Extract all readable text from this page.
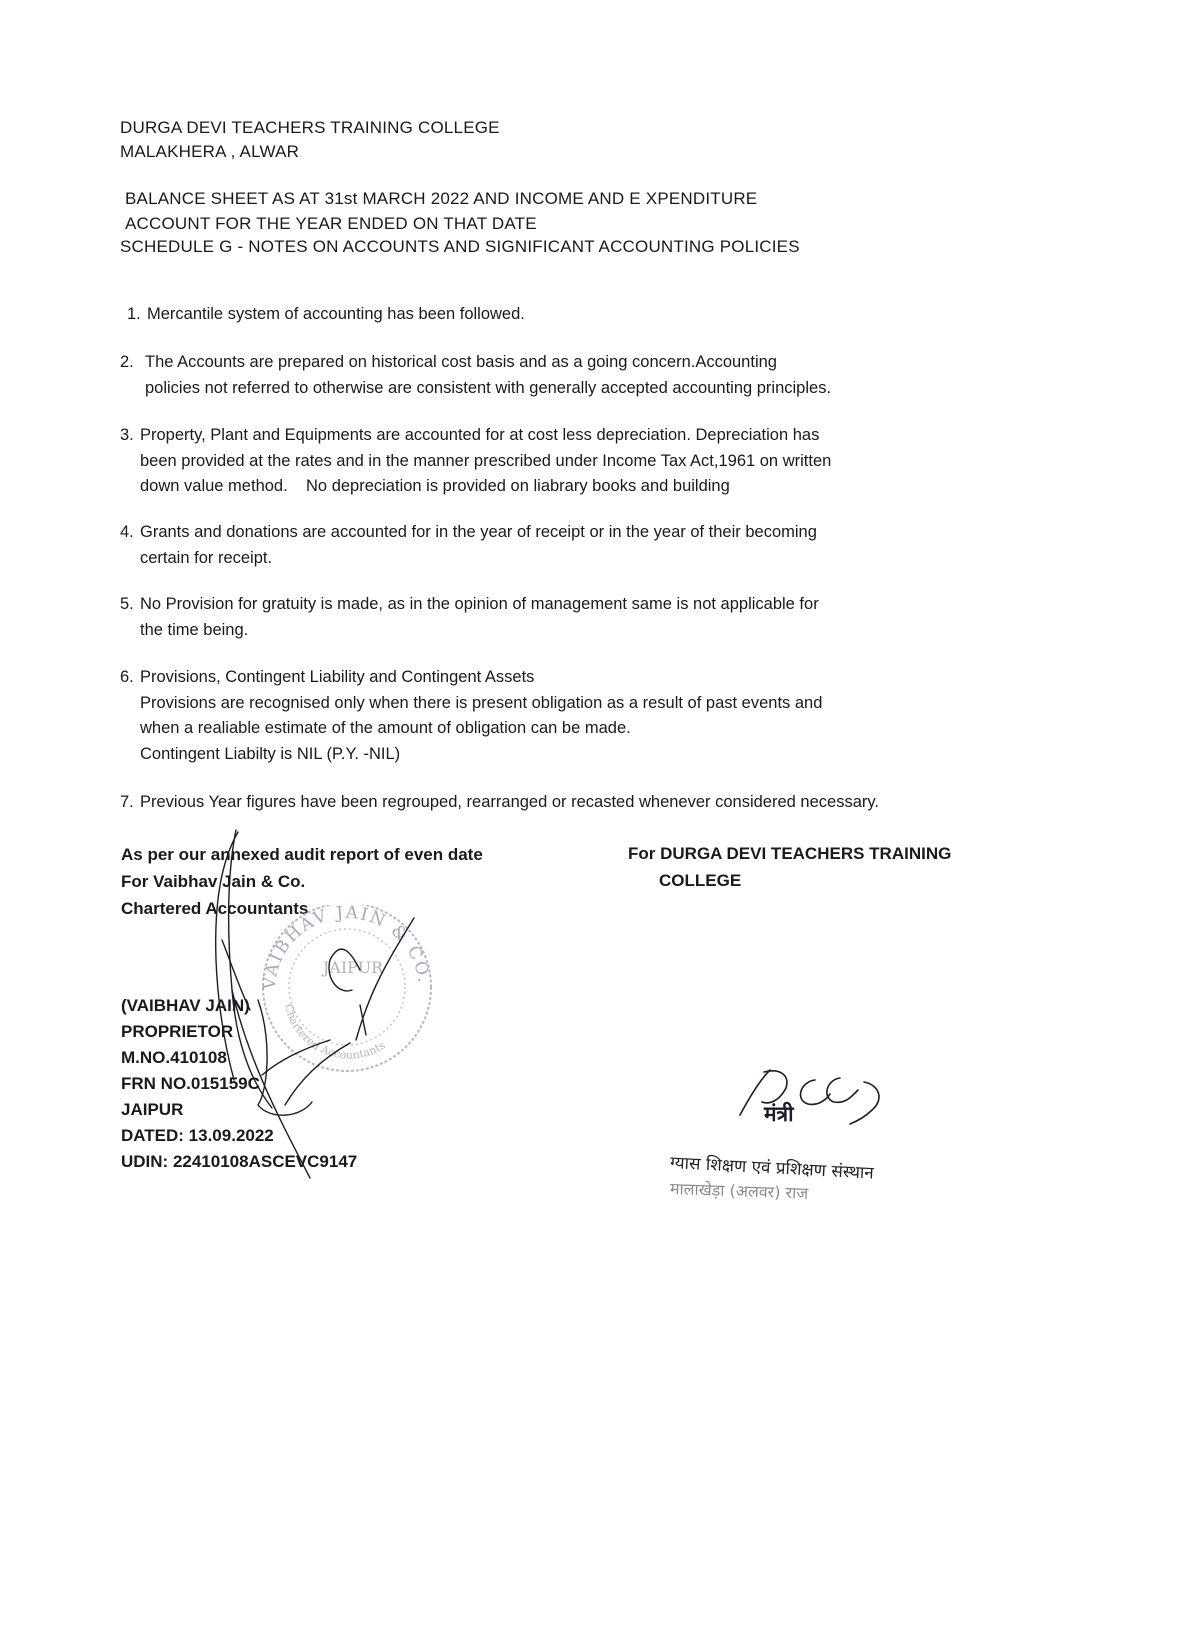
DURGA DEVI TEACHERS TRAINING COLLEGE
MALAKHERA , ALWAR
BALANCE SHEET AS AT 31st MARCH 2022 AND INCOME AND E XPENDITURE
ACCOUNT FOR THE YEAR ENDED ON THAT DATE
SCHEDULE G - NOTES ON ACCOUNTS AND SIGNIFICANT ACCOUNTING POLICIES
1. Mercantile system of accounting has been followed.
2. The Accounts are prepared on historical cost basis and as a going concern.Accounting
policies not referred to otherwise are consistent with generally accepted accounting principles.
3. Property, Plant and Equipments are accounted for at cost less depreciation. Depreciation has
been provided at the rates and in the manner prescribed under Income Tax Act,1961 on written
down value method.    No depreciation is provided on liabrary books and building
4. Grants and donations are accounted for in the year of receipt or in the year of their becoming
certain for receipt.
5. No Provision for gratuity is made, as in the opinion of management same is not applicable for
the time being.
6. Provisions, Contingent Liability and Contingent Assets
Provisions are recognised only when there is present obligation as a result of past events and
when a realiable estimate of the amount of obligation can be made.
Contingent Liabilty is NIL (P.Y. -NIL)
7. Previous Year figures have been regrouped, rearranged or recasted whenever considered necessary.
As per our annexed audit report of even date
For Vaibhav Jain & Co.
Chartered Accountants
(VAIBHAV JAIN)
PROPRIETOR
M.NO.410108
FRN NO.015159C
JAIPUR
DATED: 13.09.2022
UDIN: 22410108ASCEVC9147
VAIBHAV JAIN & CO.
JAIPUR
Chartered Accountants
For DURGA DEVI TEACHERS TRAINING
COLLEGE
मंत्री
ग्यास शिक्षण एवं प्रशिक्षण संस्थान
मालाखेड़ा (अलवर) राज
